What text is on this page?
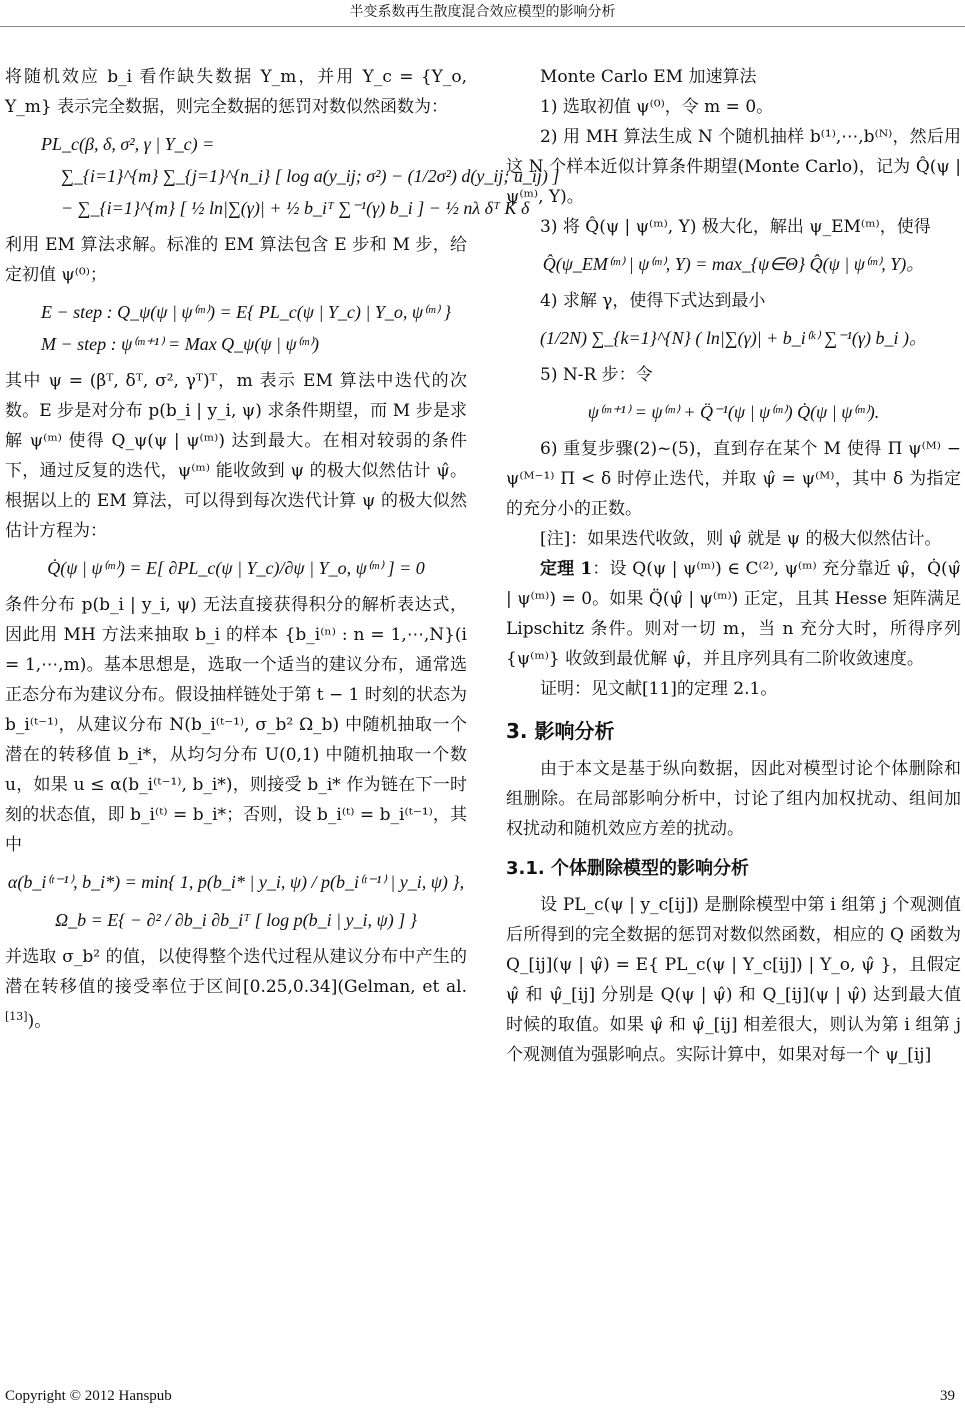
半变系数再生散度混合效应模型的影响分析

将随机效应 b_i 看作缺失数据 Y_m，并用 Y_c = {Y_o, Y_m} 表示完全数据，则完全数据的惩罚对数似然函数为：

PL_c(β, δ, σ², γ | Y_c) =
∑_{i=1}^{m} ∑_{j=1}^{n_i} [ log a(y_ij; σ²) − (1/2σ²) d(y_ij; u_ij) ]
− ∑_{i=1}^{m} [ ½ ln|∑(γ)| + ½ b_iᵀ ∑⁻¹(γ) b_i ] − ½ nλ δᵀ K δ

利用 EM 算法求解。标准的 EM 算法包含 E 步和 M 步，给定初值 ψ⁽⁰⁾；

E − step : Q_ψ(ψ | ψ⁽ᵐ⁾) = E{ PL_c(ψ | Y_c) | Y_o, ψ⁽ᵐ⁾ }
M − step : ψ⁽ᵐ⁺¹⁾ = Max Q_ψ(ψ | ψ⁽ᵐ⁾)

其中 ψ = (βᵀ, δᵀ, σ², γᵀ)ᵀ，m 表示 EM 算法中迭代的次数。E 步是对分布 p(b_i | y_i, ψ) 求条件期望，而 M 步是求解 ψ⁽ᵐ⁾ 使得 Q_ψ(ψ | ψ⁽ᵐ⁾) 达到最大。在相对较弱的条件下，通过反复的迭代，ψ⁽ᵐ⁾ 能收敛到 ψ 的极大似然估计 ψ̂。根据以上的 EM 算法，可以得到每次迭代计算 ψ 的极大似然估计方程为：

Q̇(ψ | ψ⁽ᵐ⁾) = E[ ∂PL_c(ψ | Y_c)/∂ψ | Y_o, ψ⁽ᵐ⁾ ] = 0

条件分布 p(b_i | y_i, ψ) 无法直接获得积分的解析表达式，因此用 MH 方法来抽取 b_i 的样本 {b_i⁽ⁿ⁾ : n = 1,⋯,N}(i = 1,⋯,m)。基本思想是，选取一个适当的建议分布，通常选正态分布为建议分布。假设抽样链处于第 t − 1 时刻的状态为 b_i⁽ᵗ⁻¹⁾，从建议分布 N(b_i⁽ᵗ⁻¹⁾, σ_b² Ω_b) 中随机抽取一个潜在的转移值 b_i*，从均匀分布 U(0,1) 中随机抽取一个数 u，如果 u ≤ α(b_i⁽ᵗ⁻¹⁾, b_i*)，则接受 b_i* 作为链在下一时刻的状态值，即 b_i⁽ᵗ⁾ = b_i*；否则，设 b_i⁽ᵗ⁾ = b_i⁽ᵗ⁻¹⁾，其中

α(b_i⁽ᵗ⁻¹⁾, b_i*) = min{ 1, p(b_i* | y_i, ψ) / p(b_i⁽ᵗ⁻¹⁾ | y_i, ψ) },
Ω_b = E{ − ∂² / ∂b_i ∂b_iᵀ [ log p(b_i | y_i, ψ) ] }

并选取 σ_b² 的值，以使得整个迭代过程从建议分布中产生的潜在转移值的接受率位于区间[0.25,0.34](Gelman, et al.[13])。

Monte Carlo EM 加速算法

1) 选取初值 ψ⁽⁰⁾，令 m = 0。

2) 用 MH 算法生成 N 个随机抽样 b⁽¹⁾,⋯,b⁽ᴺ⁾，然后用这 N 个样本近似计算条件期望(Monte Carlo)，记为 Q̂(ψ | ψ⁽ᵐ⁾, Y)。

3) 将 Q̂(ψ | ψ⁽ᵐ⁾, Y) 极大化，解出 ψ_EM⁽ᵐ⁾，使得

Q̂(ψ_EM⁽ᵐ⁾ | ψ⁽ᵐ⁾, Y) = max_{ψ∈Θ} Q̂(ψ | ψ⁽ᵐ⁾, Y)。

4) 求解 γ，使得下式达到最小

(1/2N) ∑_{k=1}^{N} ( ln|∑(γ)| + b_i⁽ᵏ⁾ ∑⁻¹(γ) b_i )。

5) N-R 步：令

ψ⁽ᵐ⁺¹⁾ = ψ⁽ᵐ⁾ + Q̈⁻¹(ψ | ψ⁽ᵐ⁾) Q̇(ψ | ψ⁽ᵐ⁾).

6) 重复步骤(2)~(5)，直到存在某个 M 使得 Π ψ⁽ᴹ⁾ − ψ⁽ᴹ⁻¹⁾ Π < δ 时停止迭代，并取 ψ̂ = ψ⁽ᴹ⁾，其中 δ 为指定的充分小的正数。

[注]：如果迭代收敛，则 ψ̂ 就是 ψ 的极大似然估计。

定理 1：设 Q(ψ | ψ⁽ᵐ⁾) ∈ C⁽²⁾, ψ⁽ᵐ⁾ 充分靠近 ψ̂，Q̇(ψ̂ | ψ⁽ᵐ⁾) = 0。如果 Q̈(ψ̂ | ψ⁽ᵐ⁾) 正定，且其 Hesse 矩阵满足 Lipschitz 条件。则对一切 m，当 n 充分大时，所得序列 {ψ⁽ᵐ⁾} 收敛到最优解 ψ̂，并且序列具有二阶收敛速度。

证明：见文献[11]的定理 2.1。

3. 影响分析

由于本文是基于纵向数据，因此对模型讨论个体删除和组删除。在局部影响分析中，讨论了组内加权扰动、组间加权扰动和随机效应方差的扰动。

3.1. 个体删除模型的影响分析

设 PL_c(ψ | y_c[ij]) 是删除模型中第 i 组第 j 个观测值后所得到的完全数据的惩罚对数似然函数，相应的 Q 函数为 Q_[ij](ψ | ψ̂) = E{ PL_c(ψ | Y_c[ij]) | Y_o, ψ̂ }，且假定 ψ̂ 和 ψ̂_[ij] 分别是 Q(ψ | ψ̂) 和 Q_[ij](ψ | ψ̂) 达到最大值时候的取值。如果 ψ̂ 和 ψ̂_[ij] 相差很大，则认为第 i 组第 j 个观测值为强影响点。实际计算中，如果对每一个 ψ_[ij]

Copyright © 2012 Hanspub	39
